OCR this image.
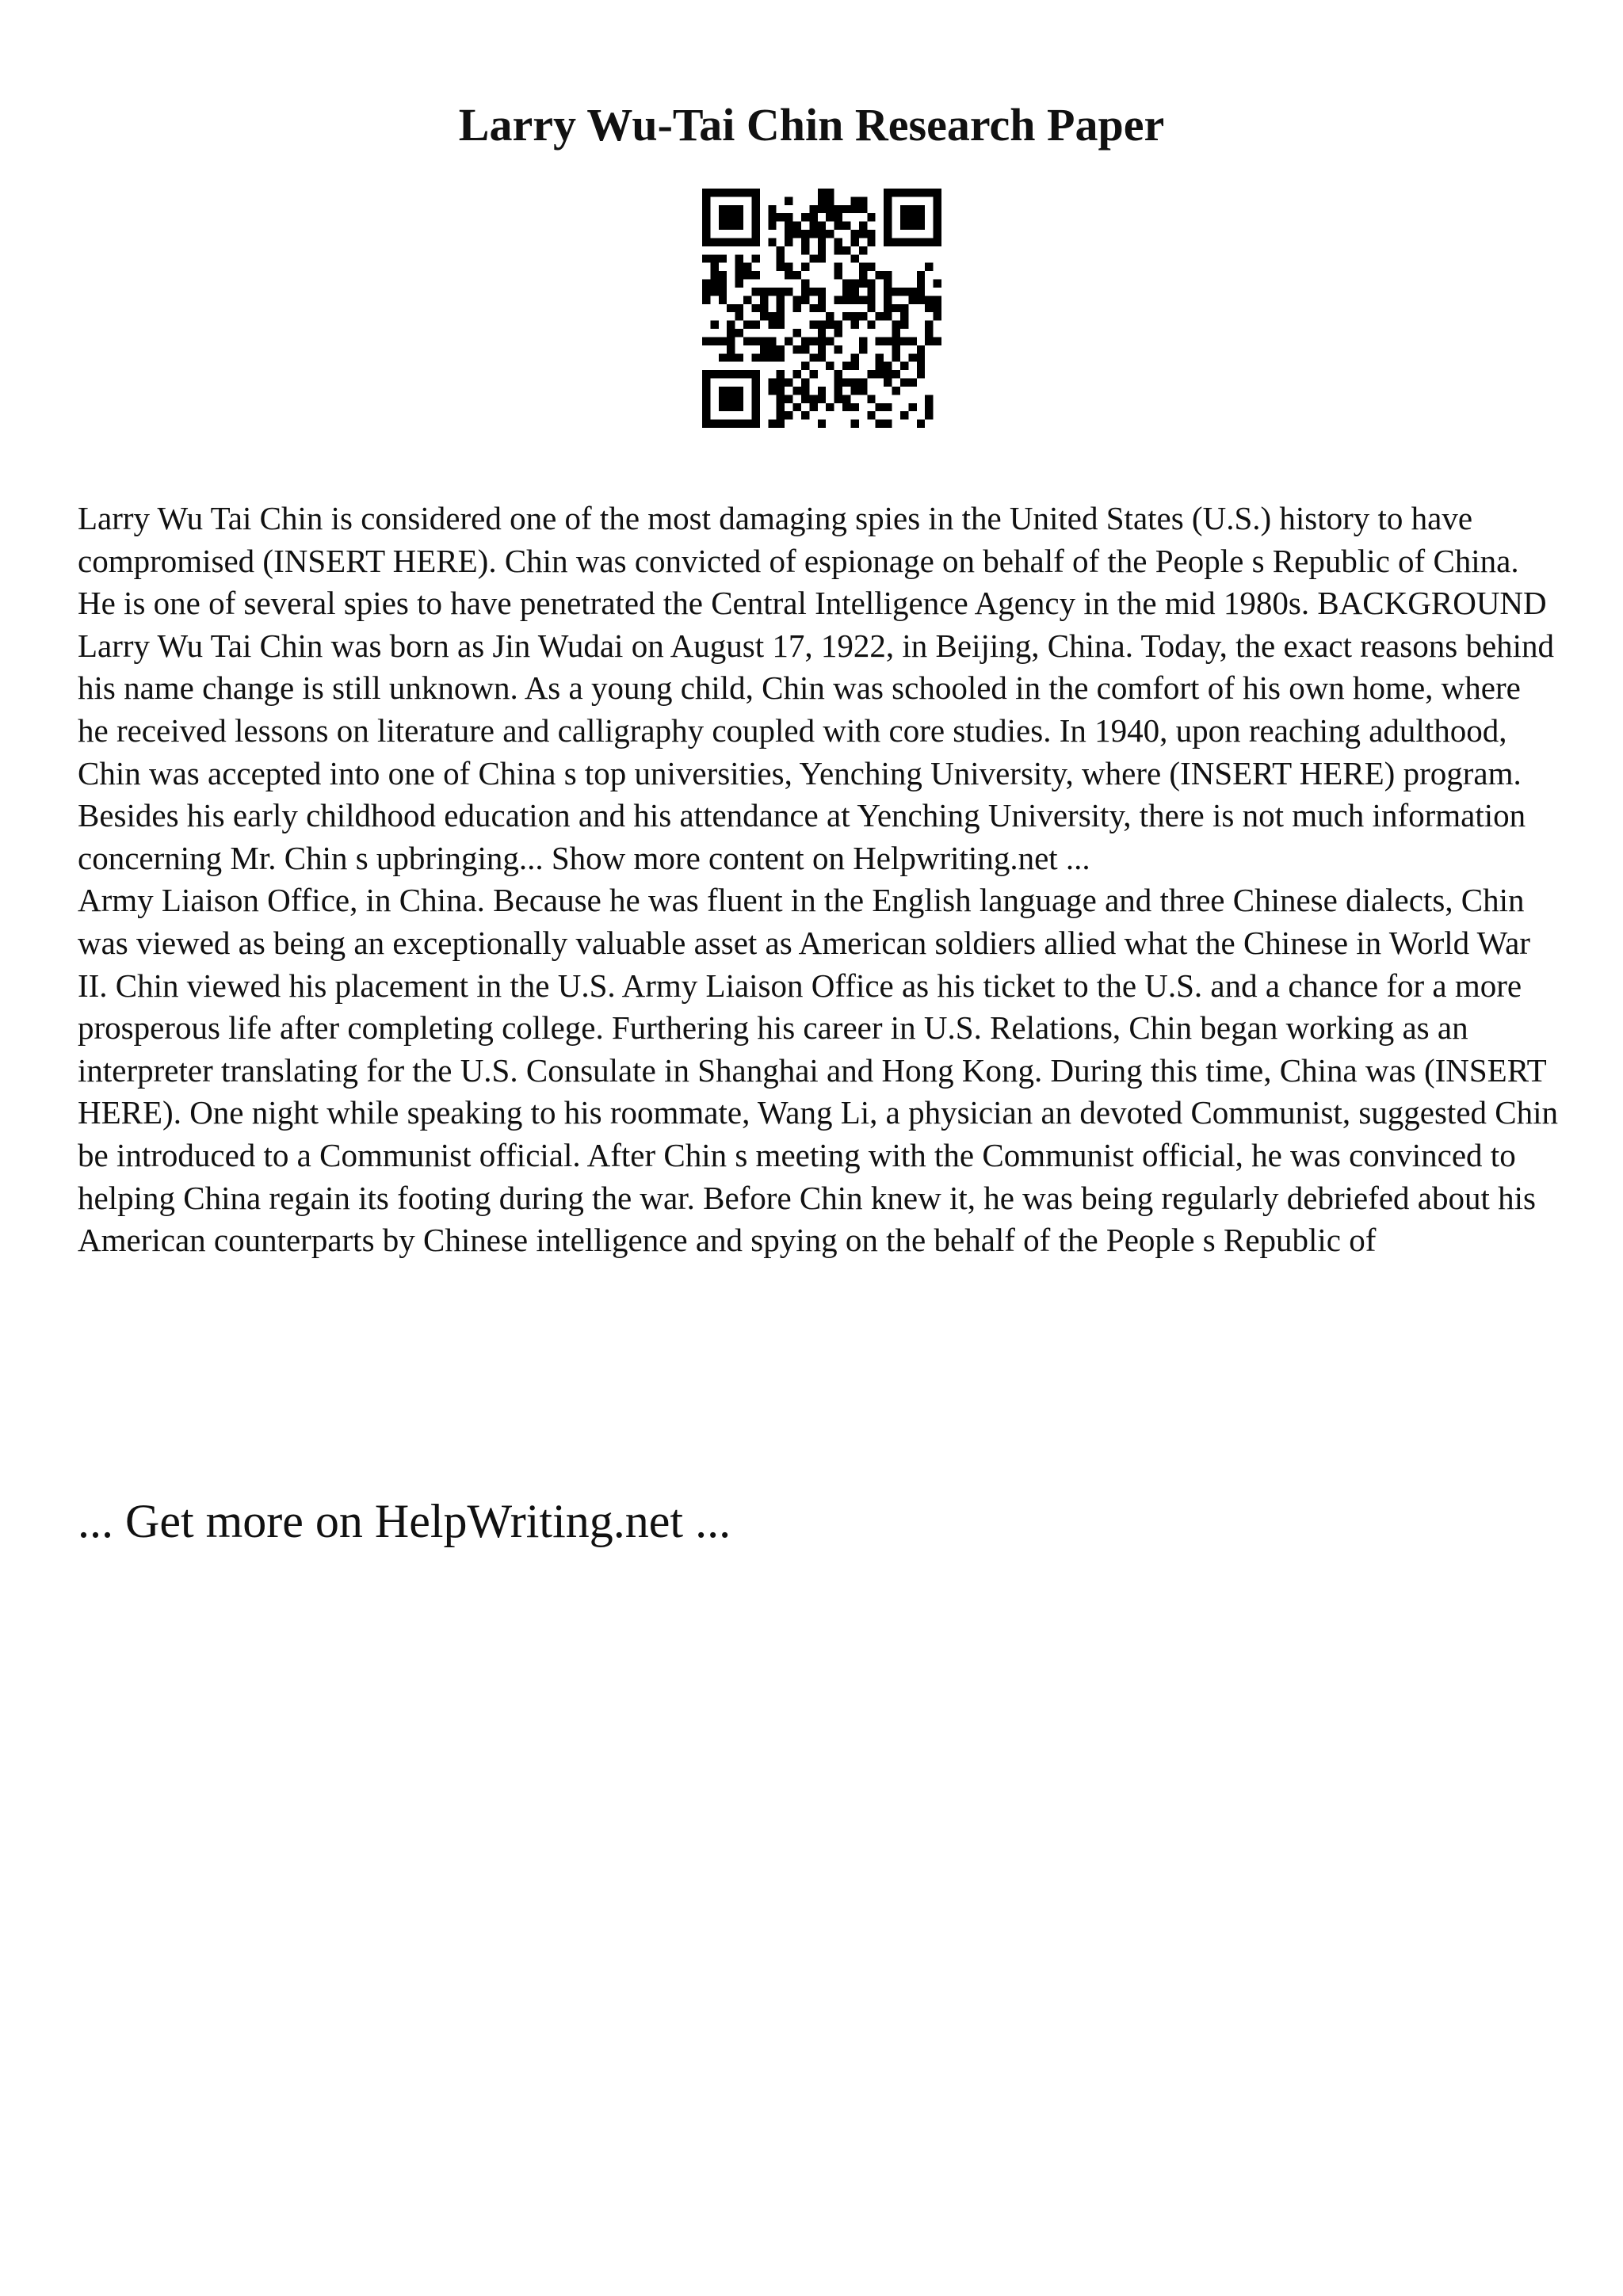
Larry Wu-Tai Chin Research Paper

Larry Wu Tai Chin is considered one of the most damaging spies in the United States (U.S.) history to have compromised (INSERT HERE). Chin was convicted of espionage on behalf of the People s Republic of China. He is one of several spies to have penetrated the Central Intelligence Agency in the mid 1980s. BACKGROUND Larry Wu Tai Chin was born as Jin Wudai on August 17, 1922, in Beijing, China. Today, the exact reasons behind his name change is still unknown. As a young child, Chin was schooled in the comfort of his own home, where he received lessons on literature and calligraphy coupled with core studies. In 1940, upon reaching adulthood, Chin was accepted into one of China s top universities, Yenching University, where (INSERT HERE) program. Besides his early childhood education and his attendance at Yenching University, there is not much information concerning Mr. Chin s upbringing... Show more content on Helpwriting.net ...

Army Liaison Office, in China. Because he was fluent in the English language and three Chinese dialects, Chin was viewed as being an exceptionally valuable asset as American soldiers allied what the Chinese in World War II. Chin viewed his placement in the U.S. Army Liaison Office as his ticket to the U.S. and a chance for a more prosperous life after completing college. Furthering his career in U.S. Relations, Chin began working as an interpreter translating for the U.S. Consulate in Shanghai and Hong Kong. During this time, China was (INSERT HERE). One night while speaking to his roommate, Wang Li, a physician an devoted Communist, suggested Chin be introduced to a Communist official. After Chin s meeting with the Communist official, he was convinced to helping China regain its footing during the war. Before Chin knew it, he was being regularly debriefed about his American counterparts by Chinese intelligence and spying on the behalf of the People s Republic of

... Get more on HelpWriting.net ...
